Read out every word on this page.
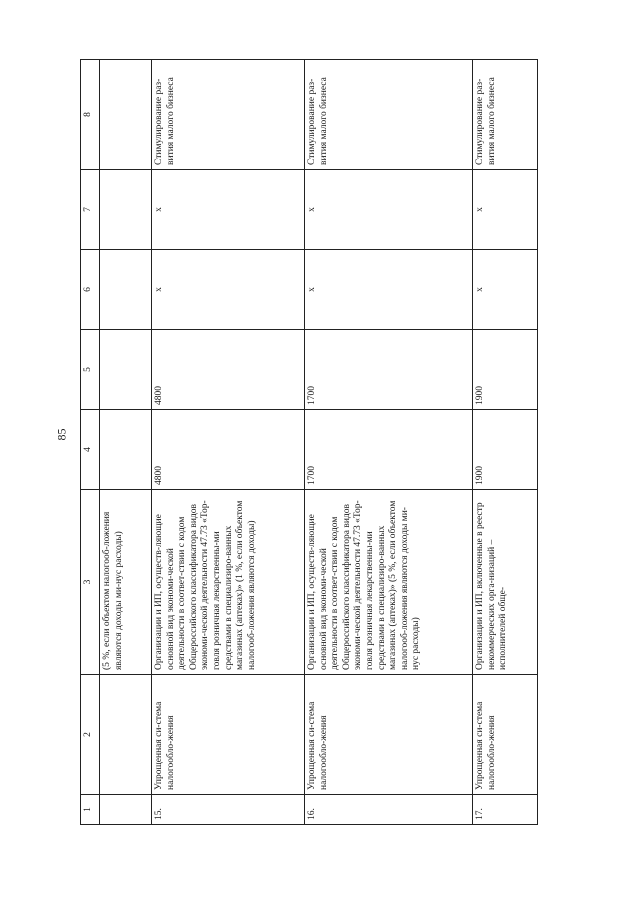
85
1	2	3	4	5	6	7	8
		(5 %, если объектом налогооб-ложения являются доходы ми-нус расходы)					
15.	Упрощенная си-стема налогообло-жения	Организации и ИП, осуществ-ляющие основной вид экономи-ческой деятельности в соответ-ствии с кодом Общероссийского классификатора видов экономи-ческой деятельности 47.73 «Тор-говля розничная лекарственны-ми средствами в специализиро-ванных магазинах (аптеках)» (1 %, если объектом налогооб-ложения являются доходы)	4800	4800	х	х	Стимулирование раз-вития малого бизнеса
16.	Упрощенная си-стема налогообло-жения	Организации и ИП, осуществ-ляющие основной вид экономи-ческой деятельности в соответ-ствии с кодом Общероссийского классификатора видов экономи-ческой деятельности 47.73 «Тор-говля розничная лекарственны-ми средствами в специализиро-ванных магазинах (аптеках)» (5 %, если объектом налогооб-ложения являются доходы ми-нус расходы)	1700	1700	х	х	Стимулирование раз-вития малого бизнеса
17.	Упрощенная си-стема налогообло-жения	Организации и ИП, включенные в реестр некоммерческих орга-низаций – исполнителей обще-	1900	1900	х	х	Стимулирование раз-вития малого бизнеса
